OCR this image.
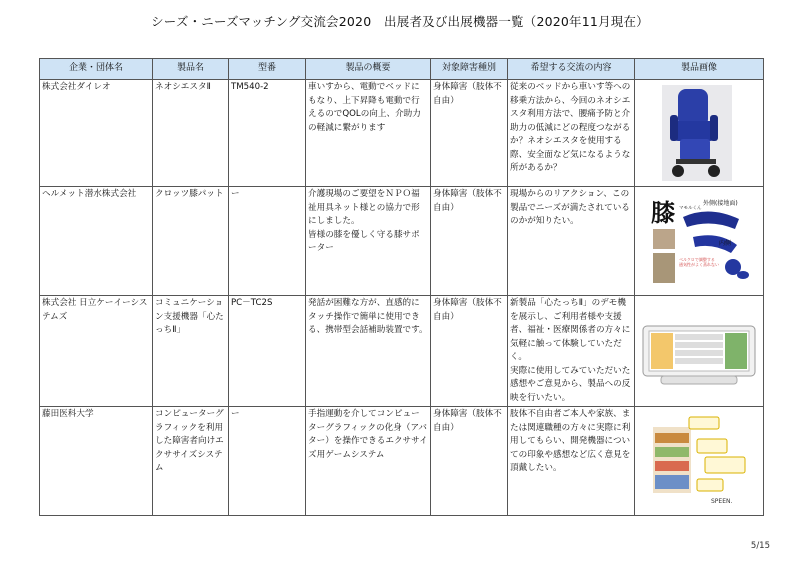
シーズ・ニーズマッチング交流会2020　出展者及び出展機器一覧（2020年11月現在）
企業・団体名	製品名	型番	製品の概要	対象障害種別	希望する交流の内容	製品画像
株式会社ダイレオ	ネオシエスタⅡ	TM540-2	車いすから、電動でベッドにもなり、上下昇降も電動で行えるのでQOLの向上、介助力の軽減に繋がります	身体障害（肢体不自由）	従来のベッドから車いす等への移乗方法から、今回のネオシエスタ利用方法で、腰痛予防と介助力の低減にどの程度つながるか？ネオシエスタを使用する際、安全面など気になるような所があるか？	

ヘルメット潜水株式会社	クロッツ膝パット	ー	介護現場のご要望をＮＰＯ福祉用具ネット様との協力で形にしました。
皆様の膝を優しく守る膝サポーター	身体障害（肢体不自由）	現場からのリアクション、この製品でニーズが満たされているのかが知りたい。	膝 マモルくん
外側(接地面)
内側
ベルクロで調整する通気性がよく蒸れない

株式会社 日立ケーイーシステムズ	コミュニケーション支援機器「心たっちⅡ」	PC－TC2S	発話が困難な方が、直感的にタッチ操作で簡単に使用できる、携帯型会話補助装置です。	身体障害（肢体不自由）	新製品「心たっちⅡ」のデモ機を展示し、ご利用者様や支援者、福祉・医療関係者の方々に気軽に触って体験していただく。
実際に使用してみていただいた感想やご意見から、製品への反映を行いたい。	

藤田医科大学	コンピューターグラフィックを利用した障害者向けエクササイズシステム	ー	手指運動を介してコンピューターグラフィックの化身（アバター）を操作できるエクササイズ用ゲームシステム	身体障害（肢体不自由）	肢体不自由者ご本人や家族、または関連職種の方々に実際に利用してもらい、開発機器についての印象や感想など広く意見を頂戴したい。	SPEEN.
5/15
